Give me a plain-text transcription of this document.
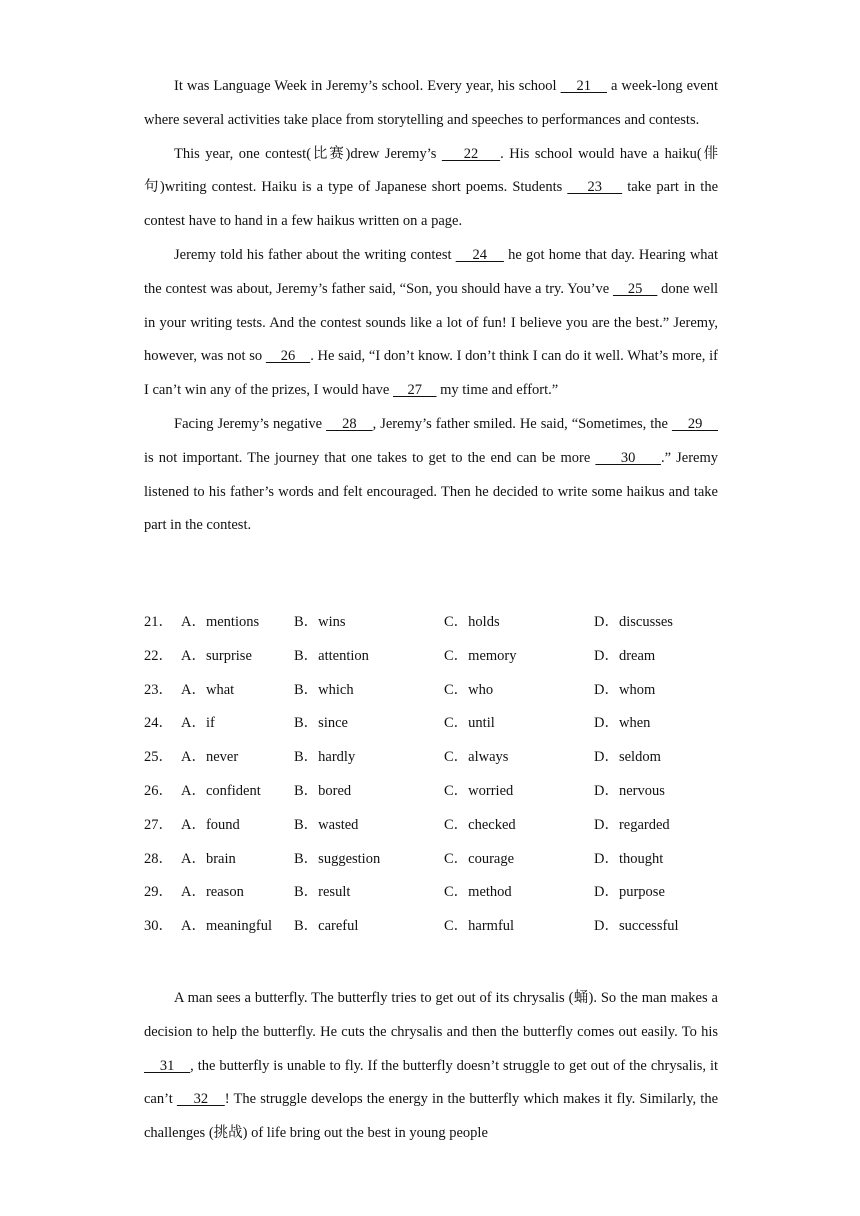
It was Language Week in Jeremy’s school. Every year, his school     21     a week-long event where several activities take place from storytelling and speeches to performances and contests.

This year, one contest(比赛)drew Jeremy’s     22    . His school would have a haiku(俳句)writing contest. Haiku is a type of Japanese short poems. Students     23     take part in the contest have to hand in a few haikus written on a page.

Jeremy told his father about the writing contest     24     he got home that day. Hearing what the contest was about, Jeremy’s father said, “Son, you should have a try. You’ve     25     done well in your writing tests. And the contest sounds like a lot of fun! I believe you are the best.” Jeremy, however, was not so     26    . He said, “I don’t know. I don’t think I can do it well. What’s more, if I can’t win any of the prizes, I would have     27     my time and effort.”

Facing Jeremy’s negative     28    , Jeremy’s father smiled. He said, “Sometimes, the     29     is not important. The journey that one takes to get to the end can be more      30     .” Jeremy listened to his father’s words and felt encouraged. Then he decided to write some haikus and take part in the contest.

21． A．mentions B．wins	C．holds	D．discusses
22． A．surprise	B．attention	C．memory	D．dream
23． A．what	B．which	C．who	D．whom
24． A．if	B．since	C．until	D．when
25． A．never	B．hardly	C．always	D．seldom
26． A．confident B．bored	C．worried	D．nervous
27． A．found	B．wasted	C．checked	D．regarded
28． A．brain	B．suggestion	C．courage	D．thought
29． A．reason	B．result	C．method	D．purpose
30． A．meaningful B．careful	C．harmful	D．successful

A man sees a butterfly. The butterfly tries to get out of its chrysalis (蛹). So the man makes a decision to help the butterfly. He cuts the chrysalis and then the butterfly comes out easily. To his     31    , the butterfly is unable to fly. If the butterfly doesn’t struggle to get out of the chrysalis, it can’t     32    ! The struggle develops the energy in the butterfly which makes it fly. Similarly, the challenges (挑战) of life bring out the best in young people
